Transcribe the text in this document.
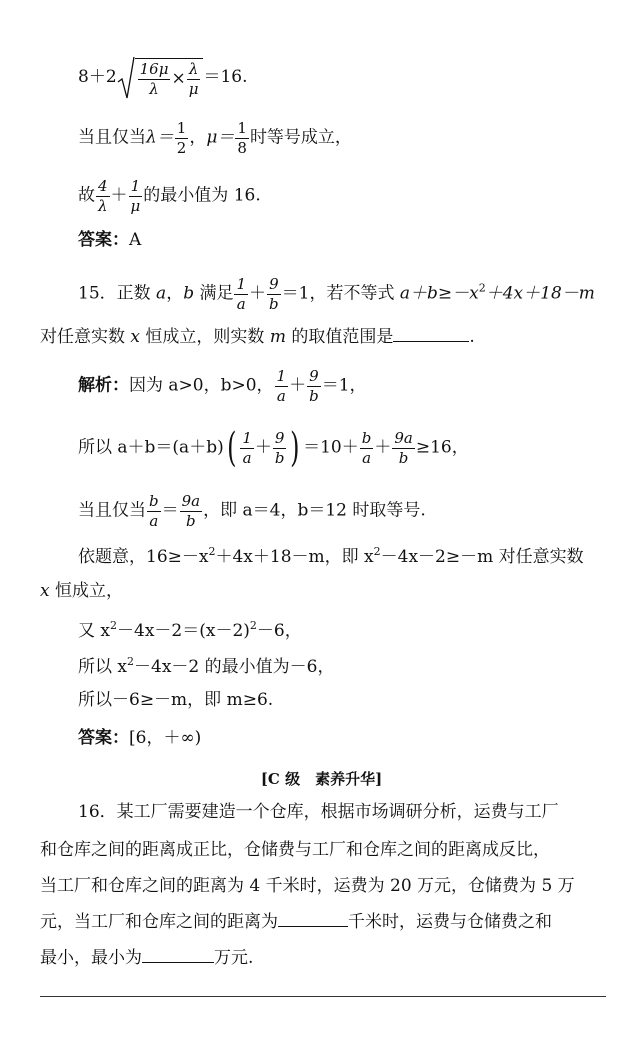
$8+2 \frac{16\mu}{\lambda} \times \frac{\lambda}{\mu} =16$.
当且仅当$\lambda= \frac{1}{2}$ ，$\mu= \frac{1}{8}$ 时等号成立，
故 $\frac{4}{\lambda} + \frac{1}{\mu}$ 的最小值为 16.
答案：A
15．正数 a，b 满足 $\frac{1}{a} + \frac{9}{b} =1$，若不等式 $a+b\ge-x^2+4x+18-m$
对任意实数 x 恒成立，则实数 m 的取值范围是	.
解析：因为 a>0，b>0， $\frac{1}{a} + \frac{9}{b} =1$，
所以 $a+b=(a+b)( \frac{1}{a} + \frac{9}{b}$ ) $=10+ \frac{b}{a} + \frac{9a}{b} \ge 16$，
当且仅当 $\frac{b}{a} = \frac{9a}{b}$ ，即 a＝4，b＝12 时取等号.
依题意，$16\ge-x^2+4x+18-m$，即 $x^2-4x-2\ge-m$ 对任意实数
x 恒成立，
又 $x^2-4x-2=(x-2)^2-6$，
所以 $x^2-4x-2$ 的最小值为－6，
所以－6≥－m，即 m≥6.
答案：[6，＋∞)
[C 级　素养升华]
16．某工厂需要建造一个仓库，根据市场调研分析，运费与工厂
和仓库之间的距离成正比，仓储费与工厂和仓库之间的距离成反比，
当工厂和仓库之间的距离为 4 千米时，运费为 20 万元，仓储费为 5 万
元，当工厂和仓库之间的距离为	千米时，运费与仓储费之和
最小，最小为	万元.
